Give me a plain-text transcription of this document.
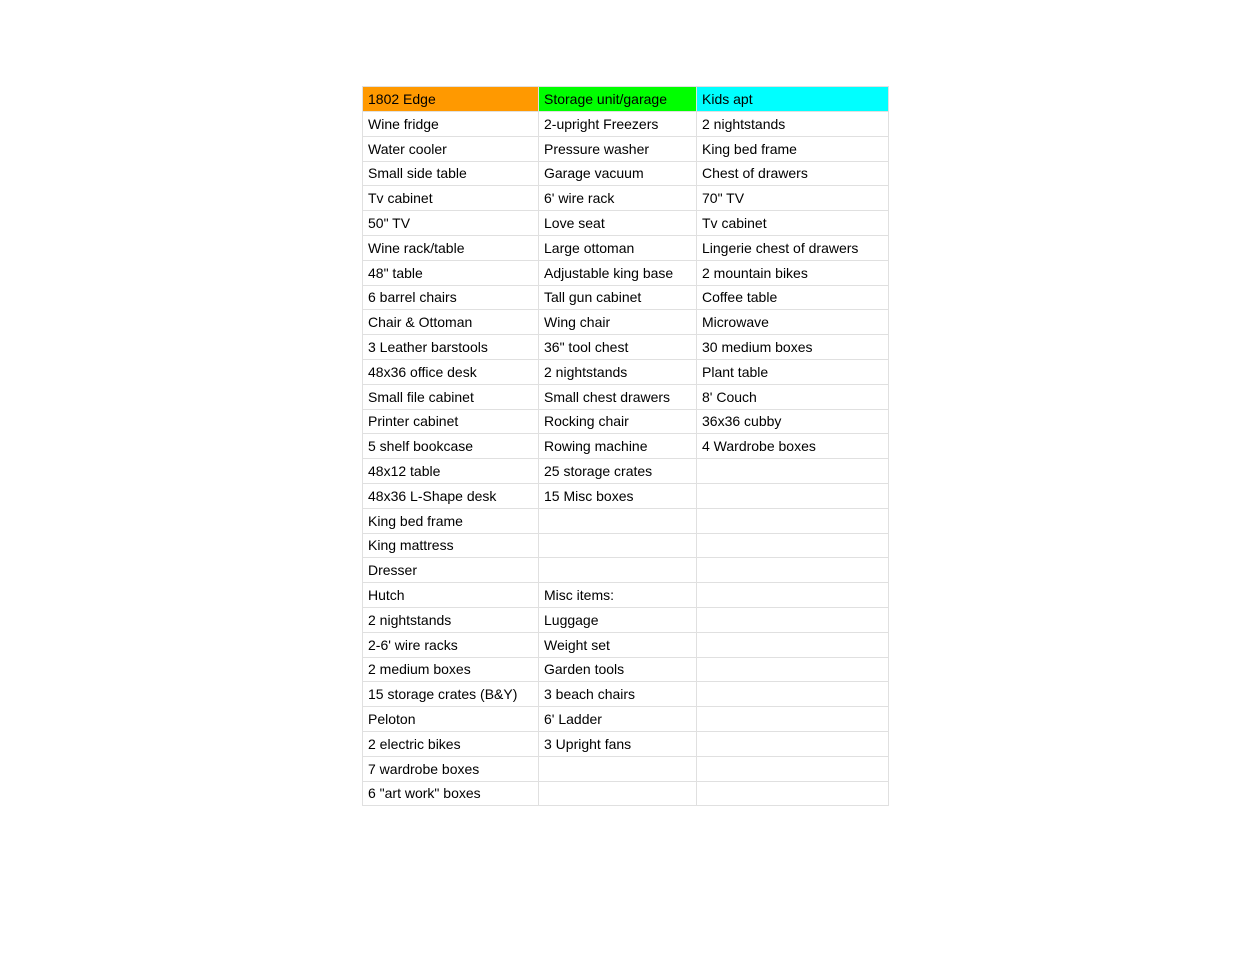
1802 Edge	Storage unit/garage	Kids apt
Wine fridge	2-upright Freezers	2 nightstands
Water cooler	Pressure washer	King bed frame
Small side table	Garage vacuum	Chest of drawers
Tv cabinet	6' wire rack	70" TV
50" TV	Love seat	Tv cabinet
Wine rack/table	Large ottoman	Lingerie chest of drawers
48" table	Adjustable king base	2 mountain bikes
6 barrel chairs	Tall gun cabinet	Coffee table
Chair & Ottoman	Wing chair	Microwave
3 Leather barstools	36" tool chest	30 medium boxes
48x36 office desk	2 nightstands	Plant table
Small file cabinet	Small chest drawers	8' Couch
Printer cabinet	Rocking chair	36x36 cubby
5 shelf bookcase	Rowing machine	4 Wardrobe boxes
48x12 table	25 storage crates	
48x36 L-Shape desk	15 Misc boxes	
King bed frame		
King mattress		
Dresser		
Hutch	Misc items:	
2 nightstands	Luggage	
2-6' wire racks	Weight set	
2 medium boxes	Garden tools	
15 storage crates (B&Y)	3 beach chairs	
Peloton	6' Ladder	
2 electric bikes	3 Upright fans	
7 wardrobe boxes		
6 "art work" boxes		
